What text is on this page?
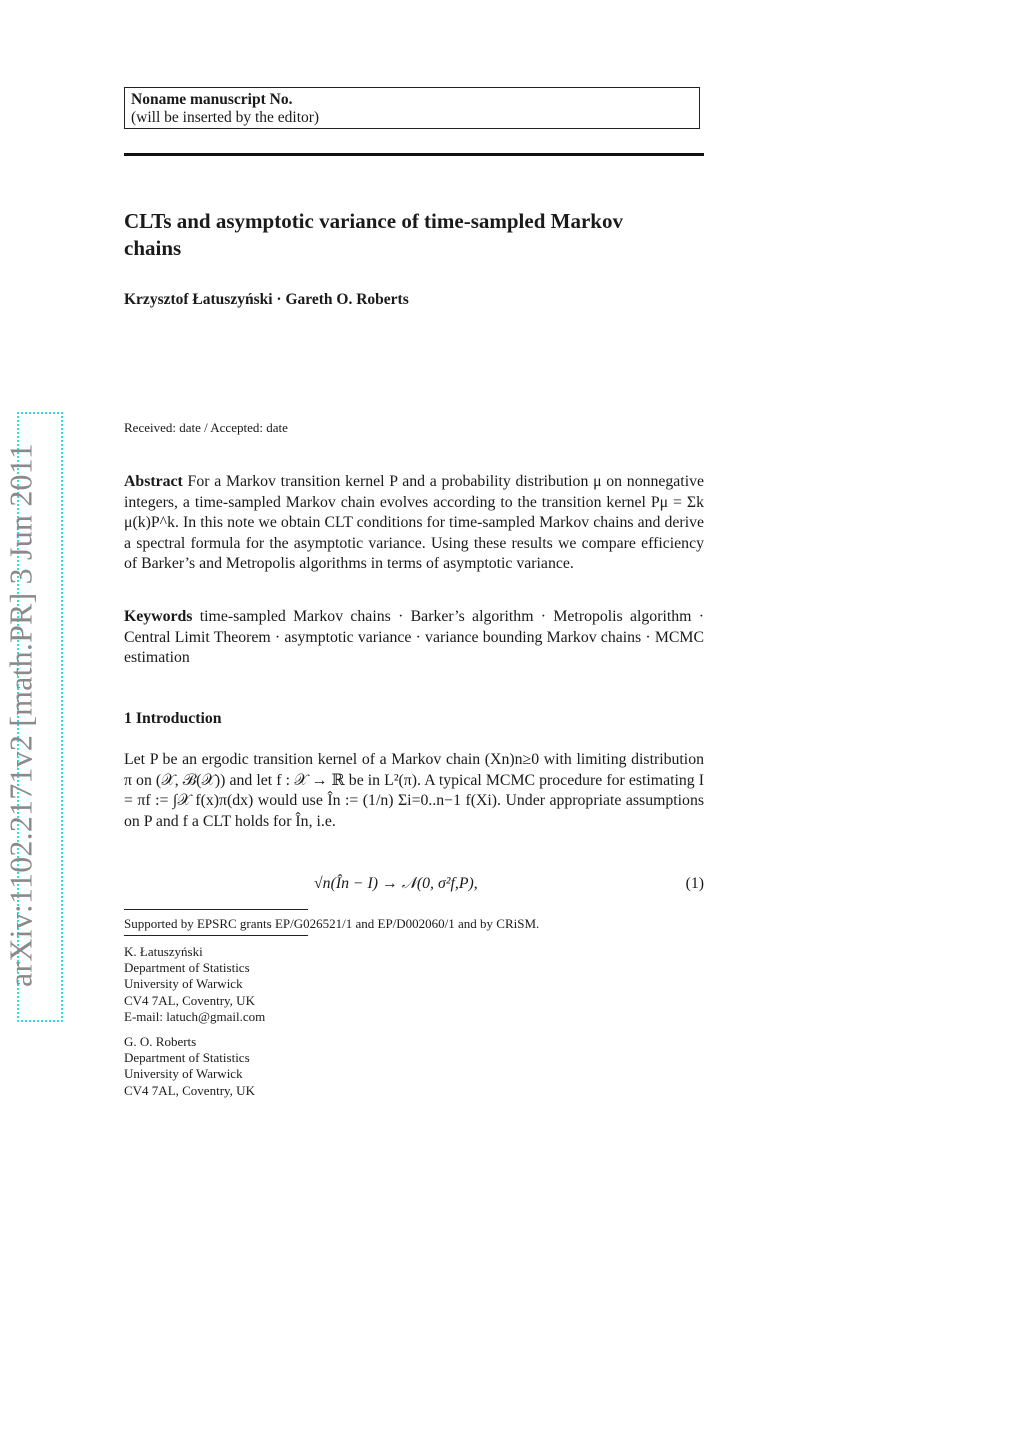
arXiv:1102.2171v2 [math.PR] 3 Jun 2011
Noname manuscript No.
(will be inserted by the editor)
CLTs and asymptotic variance of time-sampled Markov chains
Krzysztof Łatuszyński · Gareth O. Roberts
Received: date / Accepted: date
Abstract For a Markov transition kernel P and a probability distribution μ on nonnegative integers, a time-sampled Markov chain evolves according to the transition kernel Pμ = Σk μ(k)P^k. In this note we obtain CLT conditions for time-sampled Markov chains and derive a spectral formula for the asymptotic variance. Using these results we compare efficiency of Barker’s and Metropolis algorithms in terms of asymptotic variance.
Keywords time-sampled Markov chains · Barker’s algorithm · Metropolis algorithm · Central Limit Theorem · asymptotic variance · variance bounding Markov chains · MCMC estimation
1 Introduction
Let P be an ergodic transition kernel of a Markov chain (Xn)n≥0 with limiting distribution π on (𝒳, ℬ(𝒳)) and let f : 𝒳 → ℝ be in L²(π). A typical MCMC procedure for estimating I = πf := ∫𝒳 f(x)π(dx) would use În := (1/n) Σi=0..n−1 f(Xi). Under appropriate assumptions on P and f a CLT holds for În, i.e.
√n(În − I) → 𝒩(0, σ²f,P),	(1)
Supported by EPSRC grants EP/G026521/1 and EP/D002060/1 and by CRiSM.
K. Łatuszyński
Department of Statistics
University of Warwick
CV4 7AL, Coventry, UK
E-mail: latuch@gmail.com
G. O. Roberts
Department of Statistics
University of Warwick
CV4 7AL, Coventry, UK
